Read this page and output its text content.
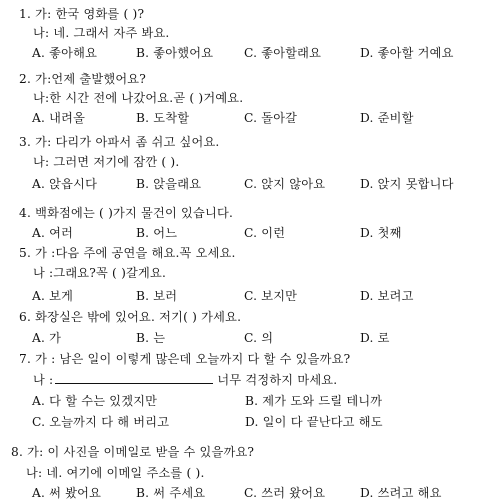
1. 가: 한국 영화를 ( )?
나: 네. 그래서 자주 봐요.
A. 좋아해요	B. 좋아했어요	C. 좋아할래요	D. 좋아할 거예요
2. 가:언제 출발했어요?
나:한 시간 전에 나갔어요.곧 ( )거예요.
A. 내려올	B. 도착할	C. 돌아갈	D. 준비할
3. 가: 다리가 아파서 좀 쉬고 싶어요.
나: 그러면 저기에 잠깐 ( ).
A. 앉읍시다	B. 앉을래요	C. 앉지 않아요	D. 앉지 못합니다
4. 백화점에는 ( )가지 물건이 있습니다.
A. 여러	B. 어느	C. 이런	D. 첫째
5. 가 :다음 주에 공연을 해요.꼭 오세요.
나 :그래요?꼭 ( )갈게요.
A. 보게	B. 보러	C. 보지만	D. 보려고
6. 화장실은 밖에 있어요. 저기( ) 가세요.
A. 가	B. 는	C. 의	D. 로
7. 가 : 남은 일이 이렇게 많은데 오늘까지 다 할 수 있을까요?
나 :	너무 걱정하지 마세요.
A. 다 할 수는 있겠지만	B. 제가 도와 드릴 테니까
C. 오늘까지 다 해 버리고	D. 일이 다 끝난다고 해도
8. 가: 이 사진을 이메일로 받을 수 있을까요?
나: 네. 여기에 이메일 주소를 ( ).
A. 써 봤어요	B. 써 주세요	C. 쓰러 왔어요	D. 쓰려고 해요
